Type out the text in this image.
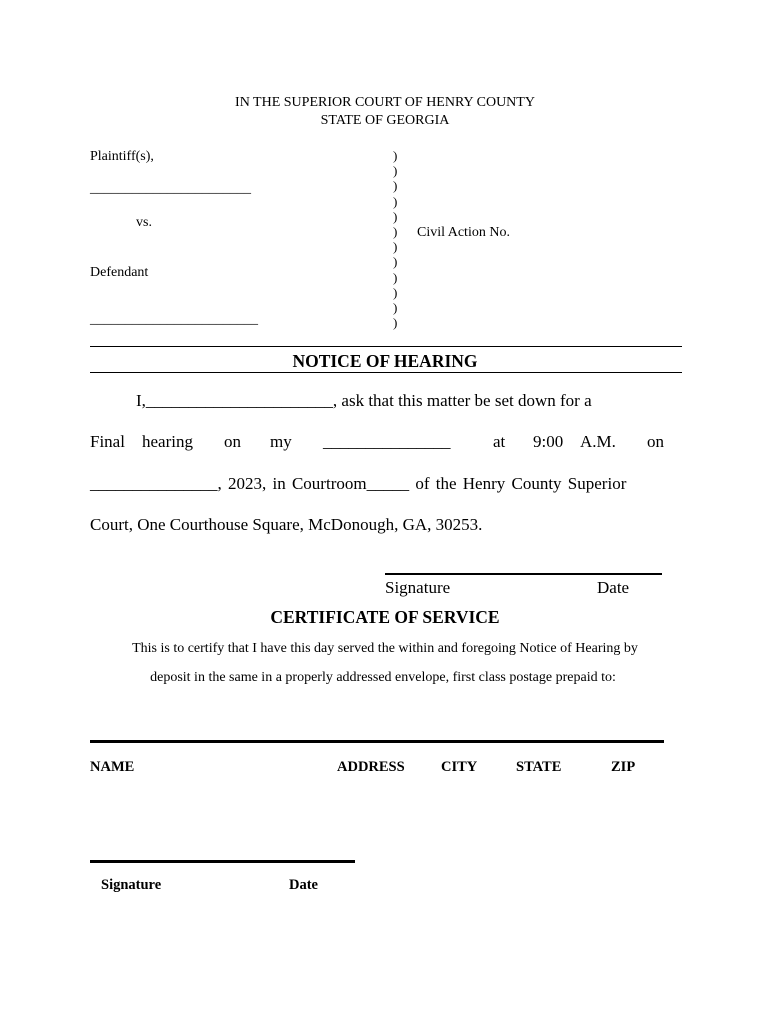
IN THE SUPERIOR COURT OF HENRY COUNTY
STATE OF GEORGIA
Plaintiff(s),
_______________________
vs.
Defendant
________________________
)
)
)
)
)
)
)
)
)
)
)
)
Civil Action No.
NOTICE OF HEARING
I,______________________, ask that this matter be set down for a
Final hearing on my _______________	at 9:00 A.M. on
_______________, 2023, in Courtroom_____ of the Henry County Superior
Court, One Courthouse Square, McDonough, GA, 30253.
Signature	Date
CERTIFICATE OF SERVICE
This is to certify that I have this day served the within and foregoing Notice of Hearing by
deposit in the same in a properly addressed envelope, first class postage prepaid to:
NAME	ADDRESS	CITY	STATE	ZIP
Signature	Date
